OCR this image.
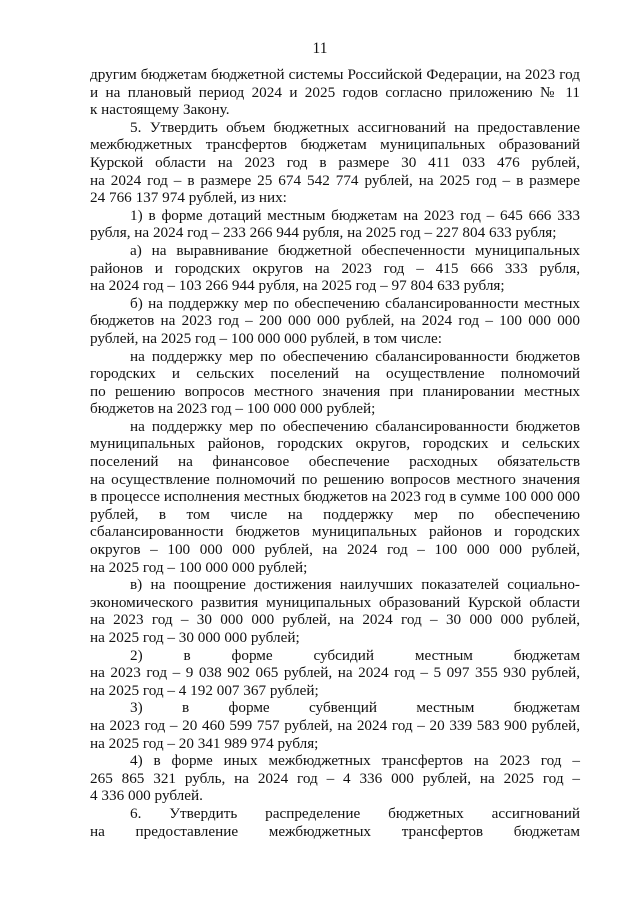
11
другим бюджетам бюджетной системы Российской Федерации, на 2023 год
и на плановый период 2024 и 2025 годов согласно приложению № 11
к настоящему Закону.
5. Утвердить объем бюджетных ассигнований на предоставление
межбюджетных трансфертов бюджетам муниципальных образований
Курской области на 2023 год в размере 30 411 033 476 рублей,
на 2024 год – в размере 25 674 542 774 рублей, на 2025 год – в размере
24 766 137 974 рублей, из них:
1) в форме дотаций местным бюджетам на 2023 год – 645 666 333
рубля, на 2024 год – 233 266 944 рубля, на 2025 год – 227 804 633 рубля;
а) на выравнивание бюджетной обеспеченности муниципальных
районов и городских округов на 2023 год – 415 666 333 рубля,
на 2024 год – 103 266 944 рубля, на 2025 год – 97 804 633 рубля;
б) на поддержку мер по обеспечению сбалансированности местных
бюджетов на 2023 год – 200 000 000 рублей, на 2024 год – 100 000 000
рублей, на 2025 год – 100 000 000 рублей, в том числе:
на поддержку мер по обеспечению сбалансированности бюджетов
городских и сельских поселений на осуществление полномочий
по решению вопросов местного значения при планировании местных
бюджетов на 2023 год – 100 000 000 рублей;
на поддержку мер по обеспечению сбалансированности бюджетов
муниципальных районов, городских округов, городских и сельских
поселений на финансовое обеспечение расходных обязательств
на осуществление полномочий по решению вопросов местного значения
в процессе исполнения местных бюджетов на 2023 год в сумме 100 000 000
рублей, в том числе на поддержку мер по обеспечению
сбалансированности бюджетов муниципальных районов и городских
округов – 100 000 000 рублей, на 2024 год – 100 000 000 рублей,
на 2025 год – 100 000 000 рублей;
в) на поощрение достижения наилучших показателей социально-
экономического развития муниципальных образований Курской области
на 2023 год – 30 000 000 рублей, на 2024 год – 30 000 000 рублей,
на 2025 год – 30 000 000 рублей;
2) в форме субсидий местным бюджетам
на 2023 год – 9 038 902 065 рублей, на 2024 год – 5 097 355 930 рублей,
на 2025 год – 4 192 007 367 рублей;
3) в форме субвенций местным бюджетам
на 2023 год – 20 460 599 757 рублей, на 2024 год – 20 339 583 900 рублей,
на 2025 год – 20 341 989 974 рубля;
4) в форме иных межбюджетных трансфертов на 2023 год –
265 865 321 рубль, на 2024 год – 4 336 000 рублей, на 2025 год –
4 336 000 рублей.
6. Утвердить распределение бюджетных ассигнований
на предоставление межбюджетных трансфертов бюджетам
